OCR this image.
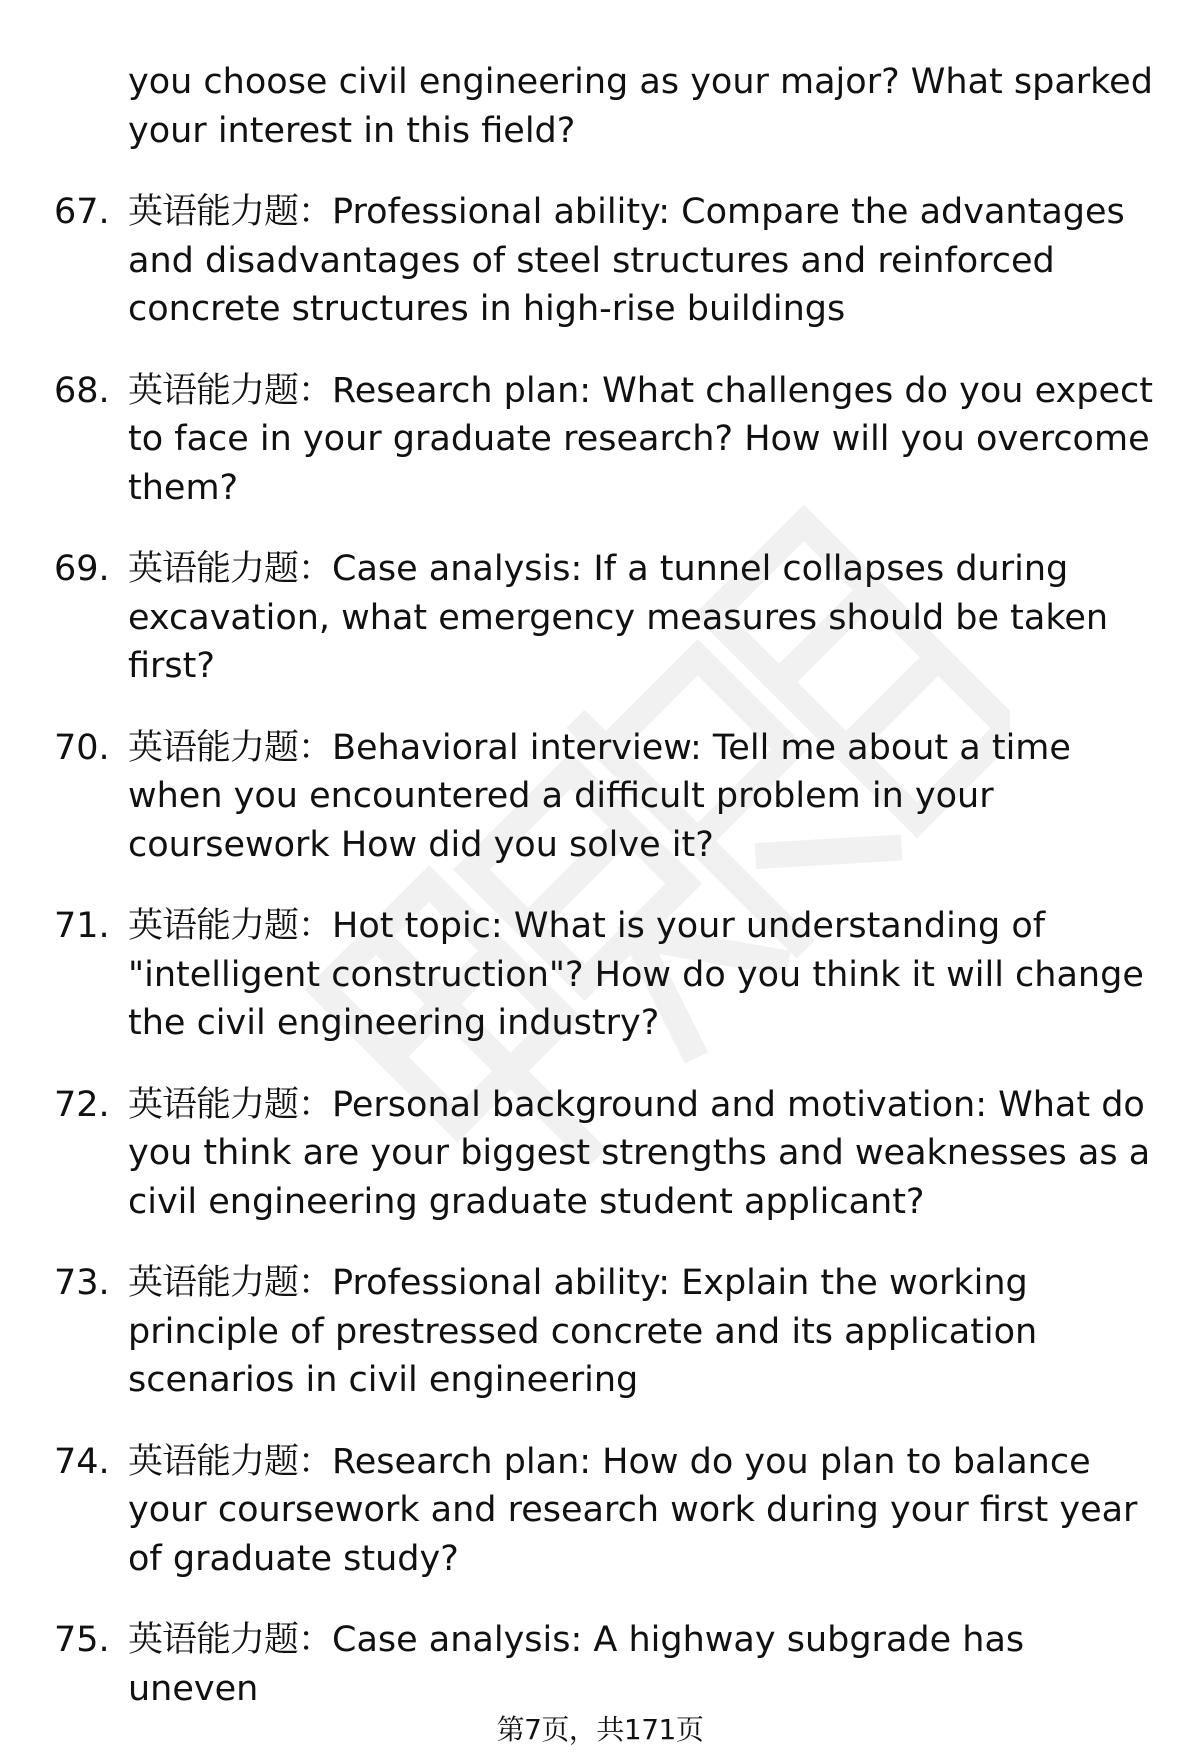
you choose civil engineering as your major? What sparked
your interest in this field?
67. 英语能力题：Professional ability: Compare the advantages
and disadvantages of steel structures and reinforced
concrete structures in high-rise buildings
68. 英语能力题：Research plan: What challenges do you expect
to face in your graduate research? How will you overcome
them?
69. 英语能力题：Case analysis: If a tunnel collapses during
excavation, what emergency measures should be taken
first?
70. 英语能力题：Behavioral interview: Tell me about a time
when you encountered a difficult problem in your
coursework How did you solve it?
71. 英语能力题：Hot topic: What is your understanding of
"intelligent construction"? How do you think it will change
the civil engineering industry?
72. 英语能力题：Personal background and motivation: What do
you think are your biggest strengths and weaknesses as a
civil engineering graduate student applicant?
73. 英语能力题：Professional ability: Explain the working
principle of prestressed concrete and its application
scenarios in civil engineering
74. 英语能力题：Research plan: How do you plan to balance
your coursework and research work during your first year
of graduate study?
75. 英语能力题：Case analysis: A highway subgrade has uneven
第7页，共171页
